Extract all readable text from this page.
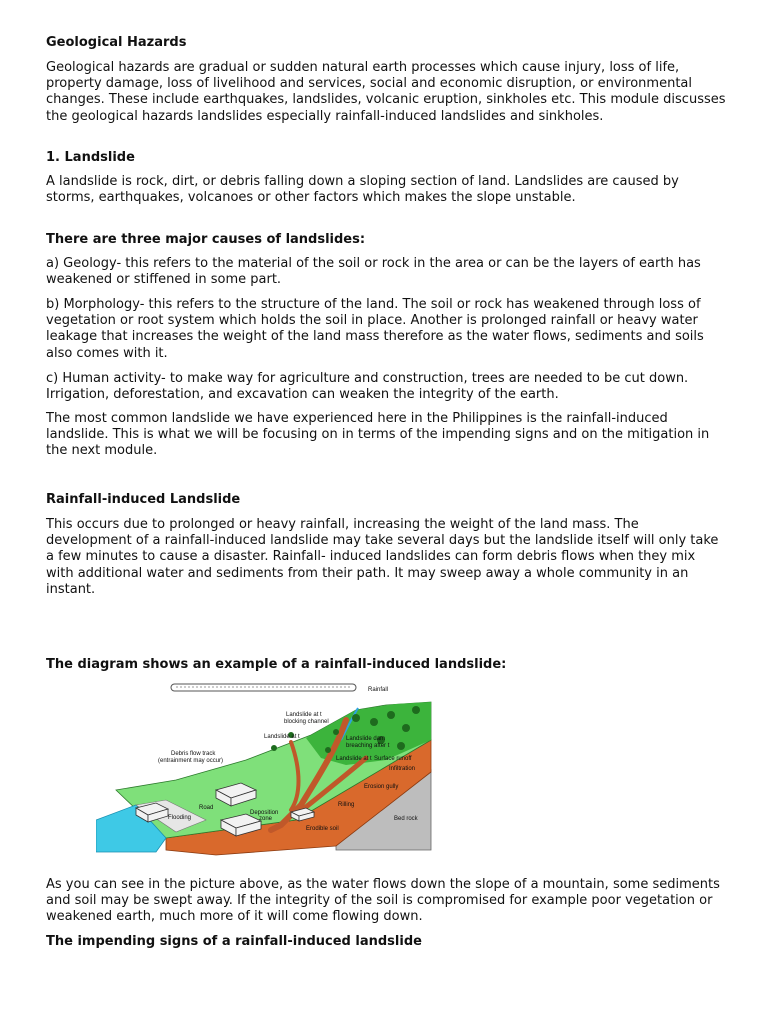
Geological Hazards

Geological hazards are gradual or sudden natural earth processes which cause injury, loss of life, property damage, loss of livelihood and services, social and economic disruption, or environmental changes. These include earthquakes, landslides, volcanic eruption, sinkholes etc. This module discusses the geological hazards landslides especially rainfall-induced landslides and sinkholes.

1. Landslide

A landslide is rock, dirt, or debris falling down a sloping section of land. Landslides are caused by storms, earthquakes, volcanoes or other factors which makes the slope unstable.

There are three major causes of landslides:

a) Geology- this refers to the material of the soil or rock in the area or can be the layers of earth has weakened or stiffened in some part.

b) Morphology- this refers to the structure of the land. The soil or rock has weakened through loss of vegetation or root system which holds the soil in place. Another is prolonged rainfall or heavy water leakage that increases the weight of the land mass therefore as the water flows, sediments and soils also comes with it.

c) Human activity- to make way for agriculture and construction, trees are needed to be cut down. Irrigation, deforestation, and excavation can weaken the integrity of the earth.

The most common landslide we have experienced here in the Philippines is the rainfall-induced landslide. This is what we will be focusing on in terms of the impending signs and on the mitigation in the next module.

Rainfall-induced Landslide

This occurs due to prolonged or heavy rainfall, increasing the weight of the land mass. The development of a rainfall-induced landslide may take several days but the landslide itself will only take a few minutes to cause a disaster. Rainfall- induced landslides can form debris flows when they mix with additional water and sediments from their path. It may sweep away a whole community in an instant.

The diagram shows an example of a rainfall-induced landslide:

Rainfall
Landslide at t
blocking channel
Landslide at t	Landslide dam
breaching after t
Debris flow track
(entrainment may occur)	Landslide at t Surface runoff
Infiltration
Erosion gully
Road	Rilling
Flooding
Deposition
zone
Erodible soil
Bed rock

As you can see in the picture above, as the water flows down the slope of a mountain, some sediments and soil may be swept away. If the integrity of the soil is compromised for example poor vegetation or weakened earth, much more of it will come flowing down.

The impending signs of a rainfall-induced landslide
